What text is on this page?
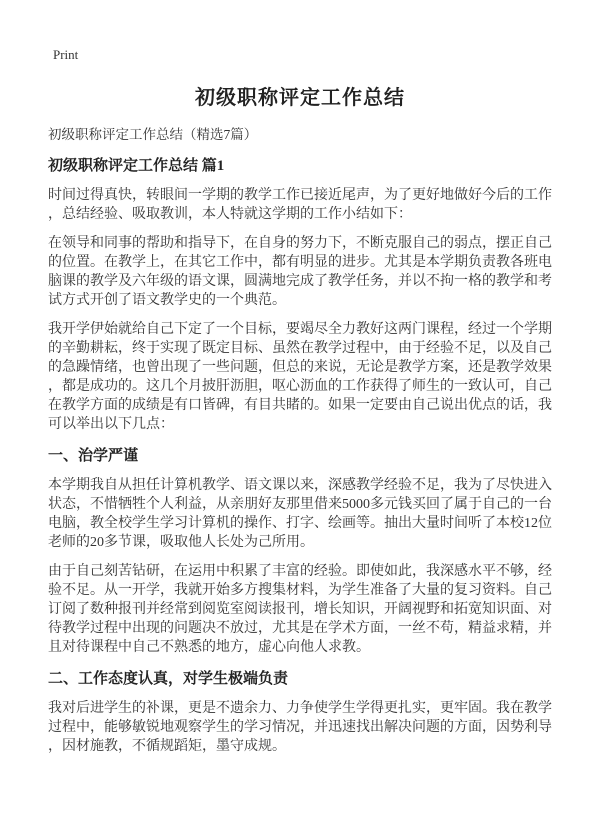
Print
初级职称评定工作总结
初级职称评定工作总结（精选7篇）
初级职称评定工作总结 篇1

时间过得真快，转眼间一学期的教学工作已接近尾声，为了更好地做好今后的工作，总结经验、吸取教训，本人特就这学期的工作小结如下：

在领导和同事的帮助和指导下，在自身的努力下，不断克服自己的弱点，摆正自己的位置。在教学上，在其它工作中，都有明显的进步。尤其是本学期负责教各班电脑课的教学及六年级的语文课，圆满地完成了教学任务，并以不拘一格的教学和考试方式开创了语文教学史的一个典范。

我开学伊始就给自己下定了一个目标，要竭尽全力教好这两门课程，经过一个学期的辛勤耕耘，终于实现了既定目标、虽然在教学过程中，由于经验不足，以及自己的急躁情绪，也曾出现了一些问题，但总的来说，无论是教学方案，还是教学效果，都是成功的。这几个月披肝沥胆，呕心沥血的工作获得了师生的一致认可，自己在教学方面的成绩是有口皆碑，有目共睹的。如果一定要由自己说出优点的话，我可以举出以下几点：

一、治学严谨

本学期我自从担任计算机教学、语文课以来，深感教学经验不足，我为了尽快进入状态，不惜牺牲个人利益，从亲朋好友那里借来5000多元钱买回了属于自己的一台电脑，教全校学生学习计算机的操作、打字、绘画等。抽出大量时间听了本校12位老师的20多节课，吸取他人长处为己所用。

由于自己刻苦钻研，在运用中积累了丰富的经验。即使如此，我深感水平不够，经验不足。从一开学，我就开始多方搜集材料，为学生准备了大量的复习资料。自己订阅了数种报刊并经常到阅览室阅读报刊，增长知识，开阔视野和拓宽知识面、对待教学过程中出现的问题决不放过，尤其是在学术方面，一丝不苟，精益求精，并且对待课程中自己不熟悉的地方，虚心向他人求教。

二、工作态度认真，对学生极端负责

我对后进学生的补课，更是不遗余力、力争使学生学得更扎实，更牢固。我在教学过程中，能够敏锐地观察学生的学习情况，并迅速找出解决问题的方面，因势利导，因材施教，不循规蹈矩，墨守成规。
